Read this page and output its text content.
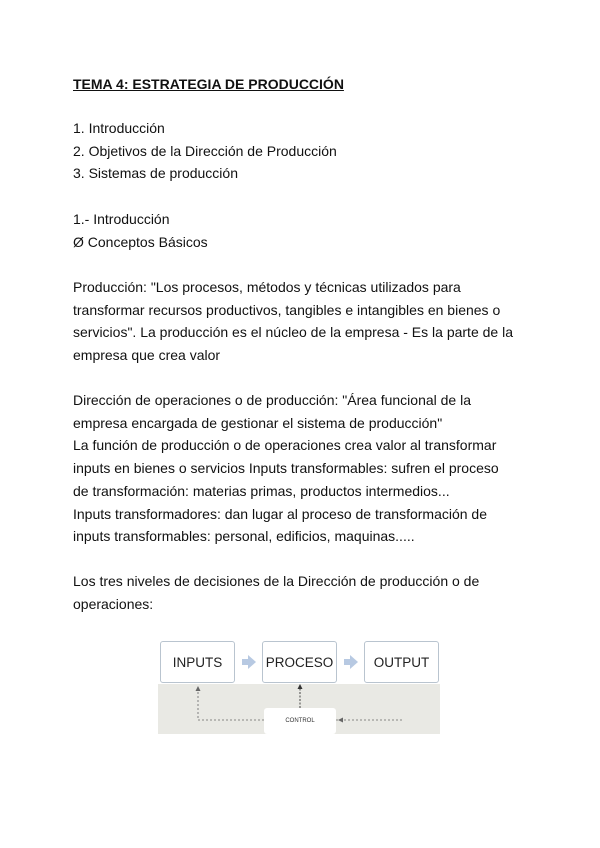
TEMA 4: ESTRATEGIA DE PRODUCCIÓN
1. Introducción
2. Objetivos de la Dirección de Producción
3. Sistemas de producción
1.- Introducción
Ø Conceptos Básicos
Producción: "Los procesos, métodos y técnicas utilizados para
transformar recursos productivos, tangibles e intangibles en bienes o
servicios". La producción es el núcleo de la empresa - Es la parte de la
empresa que crea valor
Dirección de operaciones o de producción: "Área funcional de la
empresa encargada de gestionar el sistema de producción"
La función de producción o de operaciones crea valor al transformar
inputs en bienes o servicios Inputs transformables: sufren el proceso
de transformación: materias primas, productos intermedios...
Inputs transformadores: dan lugar al proceso de transformación de
inputs transformables: personal, edificios, maquinas.....
Los tres niveles de decisiones de la Dirección de producción o de
operaciones:
INPUTS	PROCESO	OUTPUT
CONTROL
